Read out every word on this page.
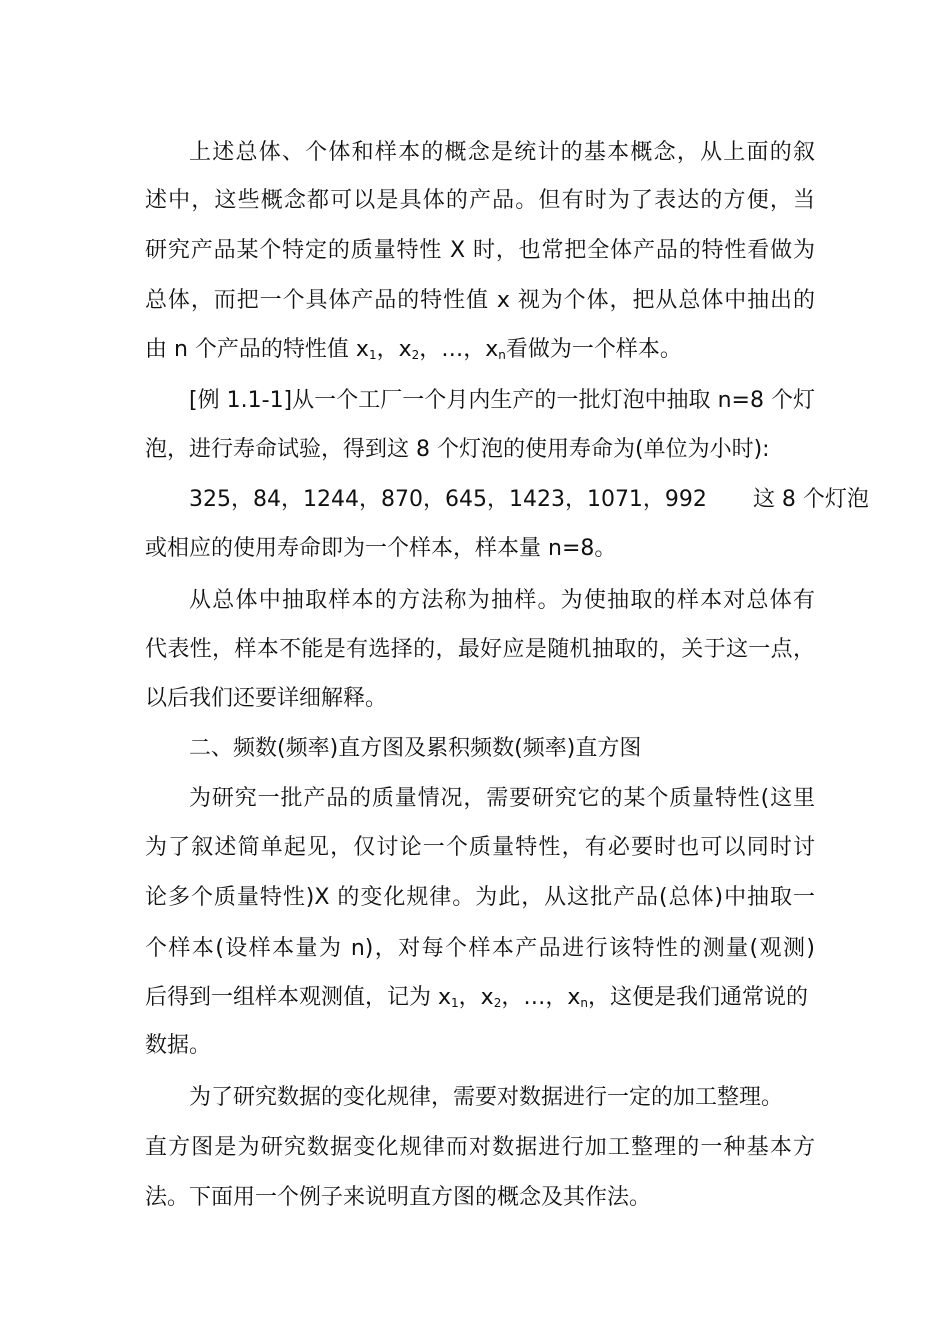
上述总体、个体和样本的概念是统计的基本概念，从上面的叙
述中，这些概念都可以是具体的产品。但有时为了表达的方便，当
研究产品某个特定的质量特性 X 时，也常把全体产品的特性看做为
总体，而把一个具体产品的特性值 x 视为个体，把从总体中抽出的
由 n 个产品的特性值 $x_1$，$x_2$，…，$x_n$看做为一个样本。
[例 1.1-1]从一个工厂一个月内生产的一批灯泡中抽取 n=8 个灯
泡，进行寿命试验，得到这 8 个灯泡的使用寿命为(单位为小时):
325，84，1244，870，645，1423，1071，992 这 8 个灯泡
或相应的使用寿命即为一个样本，样本量 n=8。
从总体中抽取样本的方法称为抽样。为使抽取的样本对总体有
代表性，样本不能是有选择的，最好应是随机抽取的，关于这一点，
以后我们还要详细解释。
二、频数(频率)直方图及累积频数(频率)直方图
为研究一批产品的质量情况，需要研究它的某个质量特性(这里
为了叙述简单起见，仅讨论一个质量特性，有必要时也可以同时讨
论多个质量特性)X 的变化规律。为此，从这批产品(总体)中抽取一
个样本(设样本量为 n)，对每个样本产品进行该特性的测量(观测)
后得到一组样本观测值，记为 $x_1$，$x_2$，…，$x_n$，这便是我们通常说的
数据。
为了研究数据的变化规律，需要对数据进行一定的加工整理。
直方图是为研究数据变化规律而对数据进行加工整理的一种基本方
法。下面用一个例子来说明直方图的概念及其作法。
